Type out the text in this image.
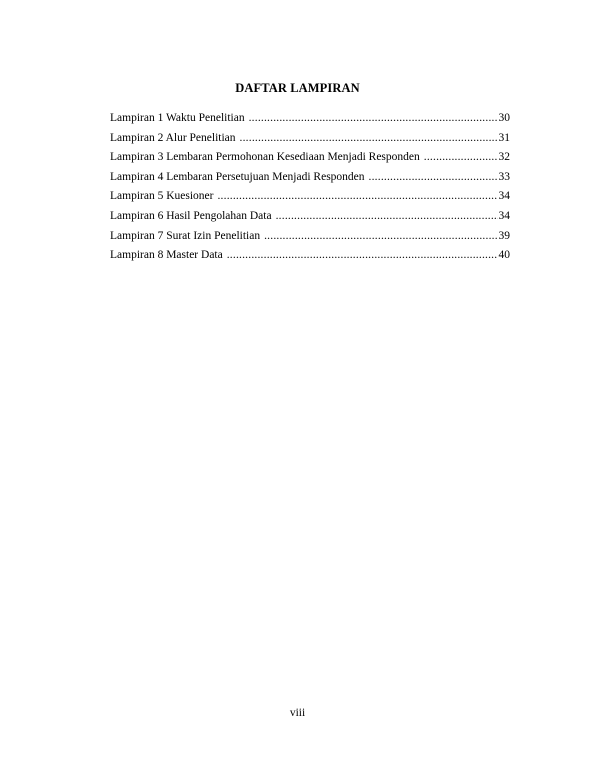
DAFTAR LAMPIRAN
Lampiran 1 Waktu Penelitian .....	30
Lampiran 2 Alur Penelitian .....	31
Lampiran 3 Lembaran Permohonan Kesediaan Menjadi Responden .....	32
Lampiran 4 Lembaran Persetujuan Menjadi Responden .....	33
Lampiran 5 Kuesioner .....	34
Lampiran 6 Hasil Pengolahan Data .....	34
Lampiran 7 Surat Izin Penelitian .....	39
Lampiran 8 Master Data .....	40
viii
